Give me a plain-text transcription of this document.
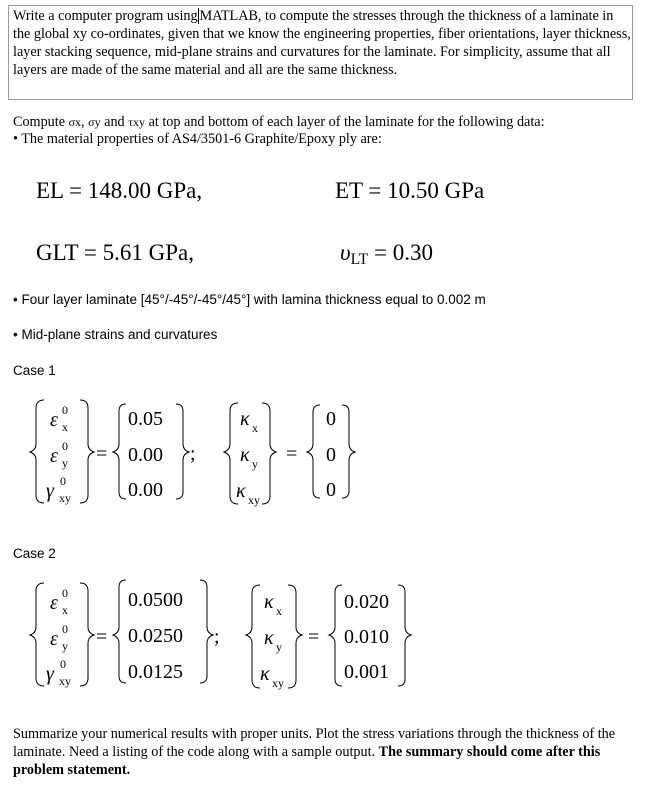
Write a computer program using MATLAB, to compute the stresses through the thickness of a laminate in the global xy co-ordinates, given that we know the engineering properties, fiber orientations, layer thickness, layer stacking sequence, mid-plane strains and curvatures for the laminate. For simplicity, assume that all layers are made of the same material and all are the same thickness.
Compute σx, σy and τxy at top and bottom of each layer of the laminate for the following data:
• The material properties of AS4/3501-6 Graphite/Epoxy ply are:
EL = 148.00 GPa,	ET = 10.50 GPa
GLT = 5.61 GPa,	$\upsilon_{LT} = 0.30$
• Four layer laminate [45°/-45°/-45°/45°] with lamina thickness equal to 0.002 m
• Mid-plane strains and curvatures
Case 1
Case 2
ε 0
x
ε 0
y
γ 0
xy
=
0.05
0.00
0.00
;
κ x
κ y
κ xy
=
0
0
0
ε 0
x
ε 0
y
γ 0
xy
=
0.0500
0.0250
0.0125
;
κ x
κ y
κ xy
=
0.020
0.010
0.001
Summarize your numerical results with proper units. Plot the stress variations through the thickness of the laminate. Need a listing of the code along with a sample output. The summary should come after this problem statement.
